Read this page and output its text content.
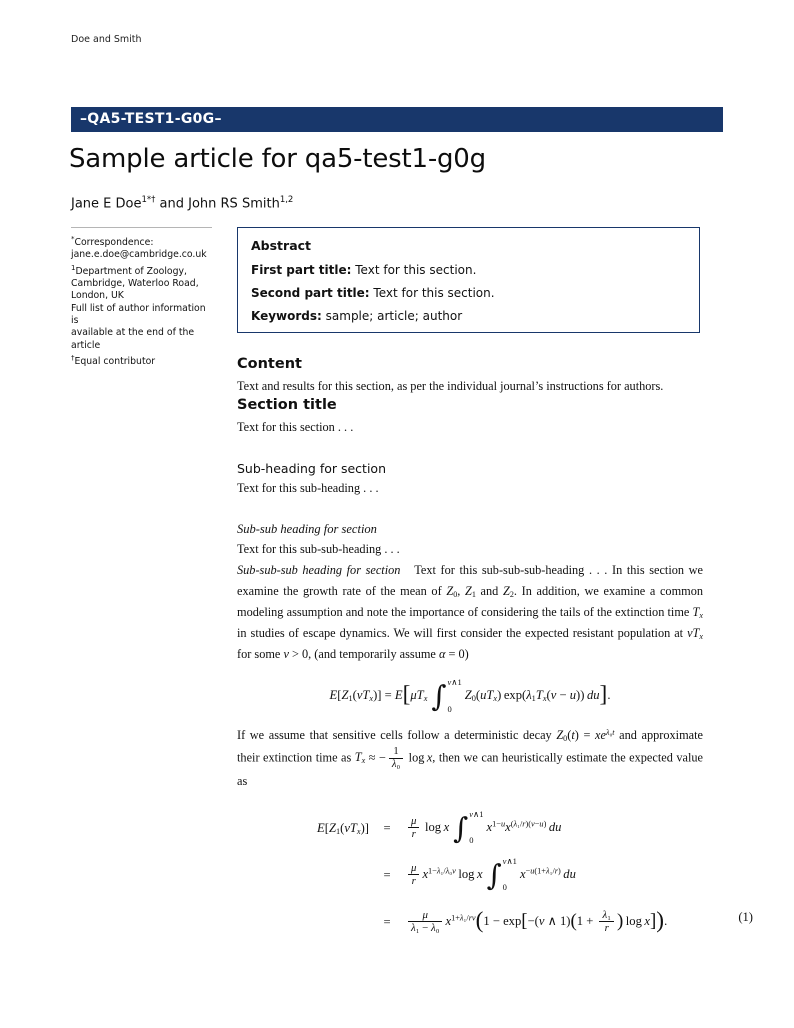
Doe and Smith
–QA5-TEST1-G0G–
Sample article for qa5-test1-g0g
Jane E Doe$^{1*\dagger}$ and John RS Smith$^{1,2}$
*Correspondence:
jane.e.doe@cambridge.co.uk
$^1$Department of Zoology,
Cambridge, Waterloo Road,
London, UK
Full list of author information is
available at the end of the article
†Equal contributor
Abstract

First part title: Text for this section.

Second part title: Text for this section.

Keywords: sample; article; author

Content

Text and results for this section, as per the individual journal’s instructions for authors.

Section title

Text for this section . . .

Sub-heading for section

Text for this sub-heading . . .

Sub-sub heading for section

Text for this sub-sub-heading . . .

Sub-sub-sub heading for section   Text for this sub-sub-sub-heading . . . In this section we examine the growth rate of the mean of $Z_0$, $Z_1$ and $Z_2$. In addition, we examine a common modeling assumption and note the importance of considering the tails of the extinction time $T_x$ in studies of escape dynamics. We will first consider the expected resistant population at $vT_x$ for some v > 0, (and temporarily assume α = 0)

$E[Z_1(vT_x)] = E[\mu T_x$ ∫ v∧1
0
$Z_0(uT_x) \exp(\lambda_1T_x(v - u))$ du].

If we assume that sensitive cells follow a deterministic decay $Z_0(t) = xe^{\lambda_0t}$ and approximate their extinction time as $T_x$ ≈ − $\frac{1}{\text{λ₀}}$  log x, then we can heuristically estimate the expected value as

$E[Z_1(vT_x)]$	=	$\frac{\mu}{r}$  log x ∫ v∧1
0
$x^{1-u}x^{(\lambda_1/r)(v-u)}$  du
=	$\frac{\mu}{r} x^{1-\lambda_1/\lambda_0v}$ log x ∫ v∧1
0
$x^{-u(1+\lambda_1/r)}$  du
=	$\frac{\mu}{\text{λ₁ − λ₀}} x^{1+\lambda_1/rv}(1 - \exp[-(v$ ∧ $1)(1 + \frac{\text{λ₁}}{r}$ ) log x]).	(1)
